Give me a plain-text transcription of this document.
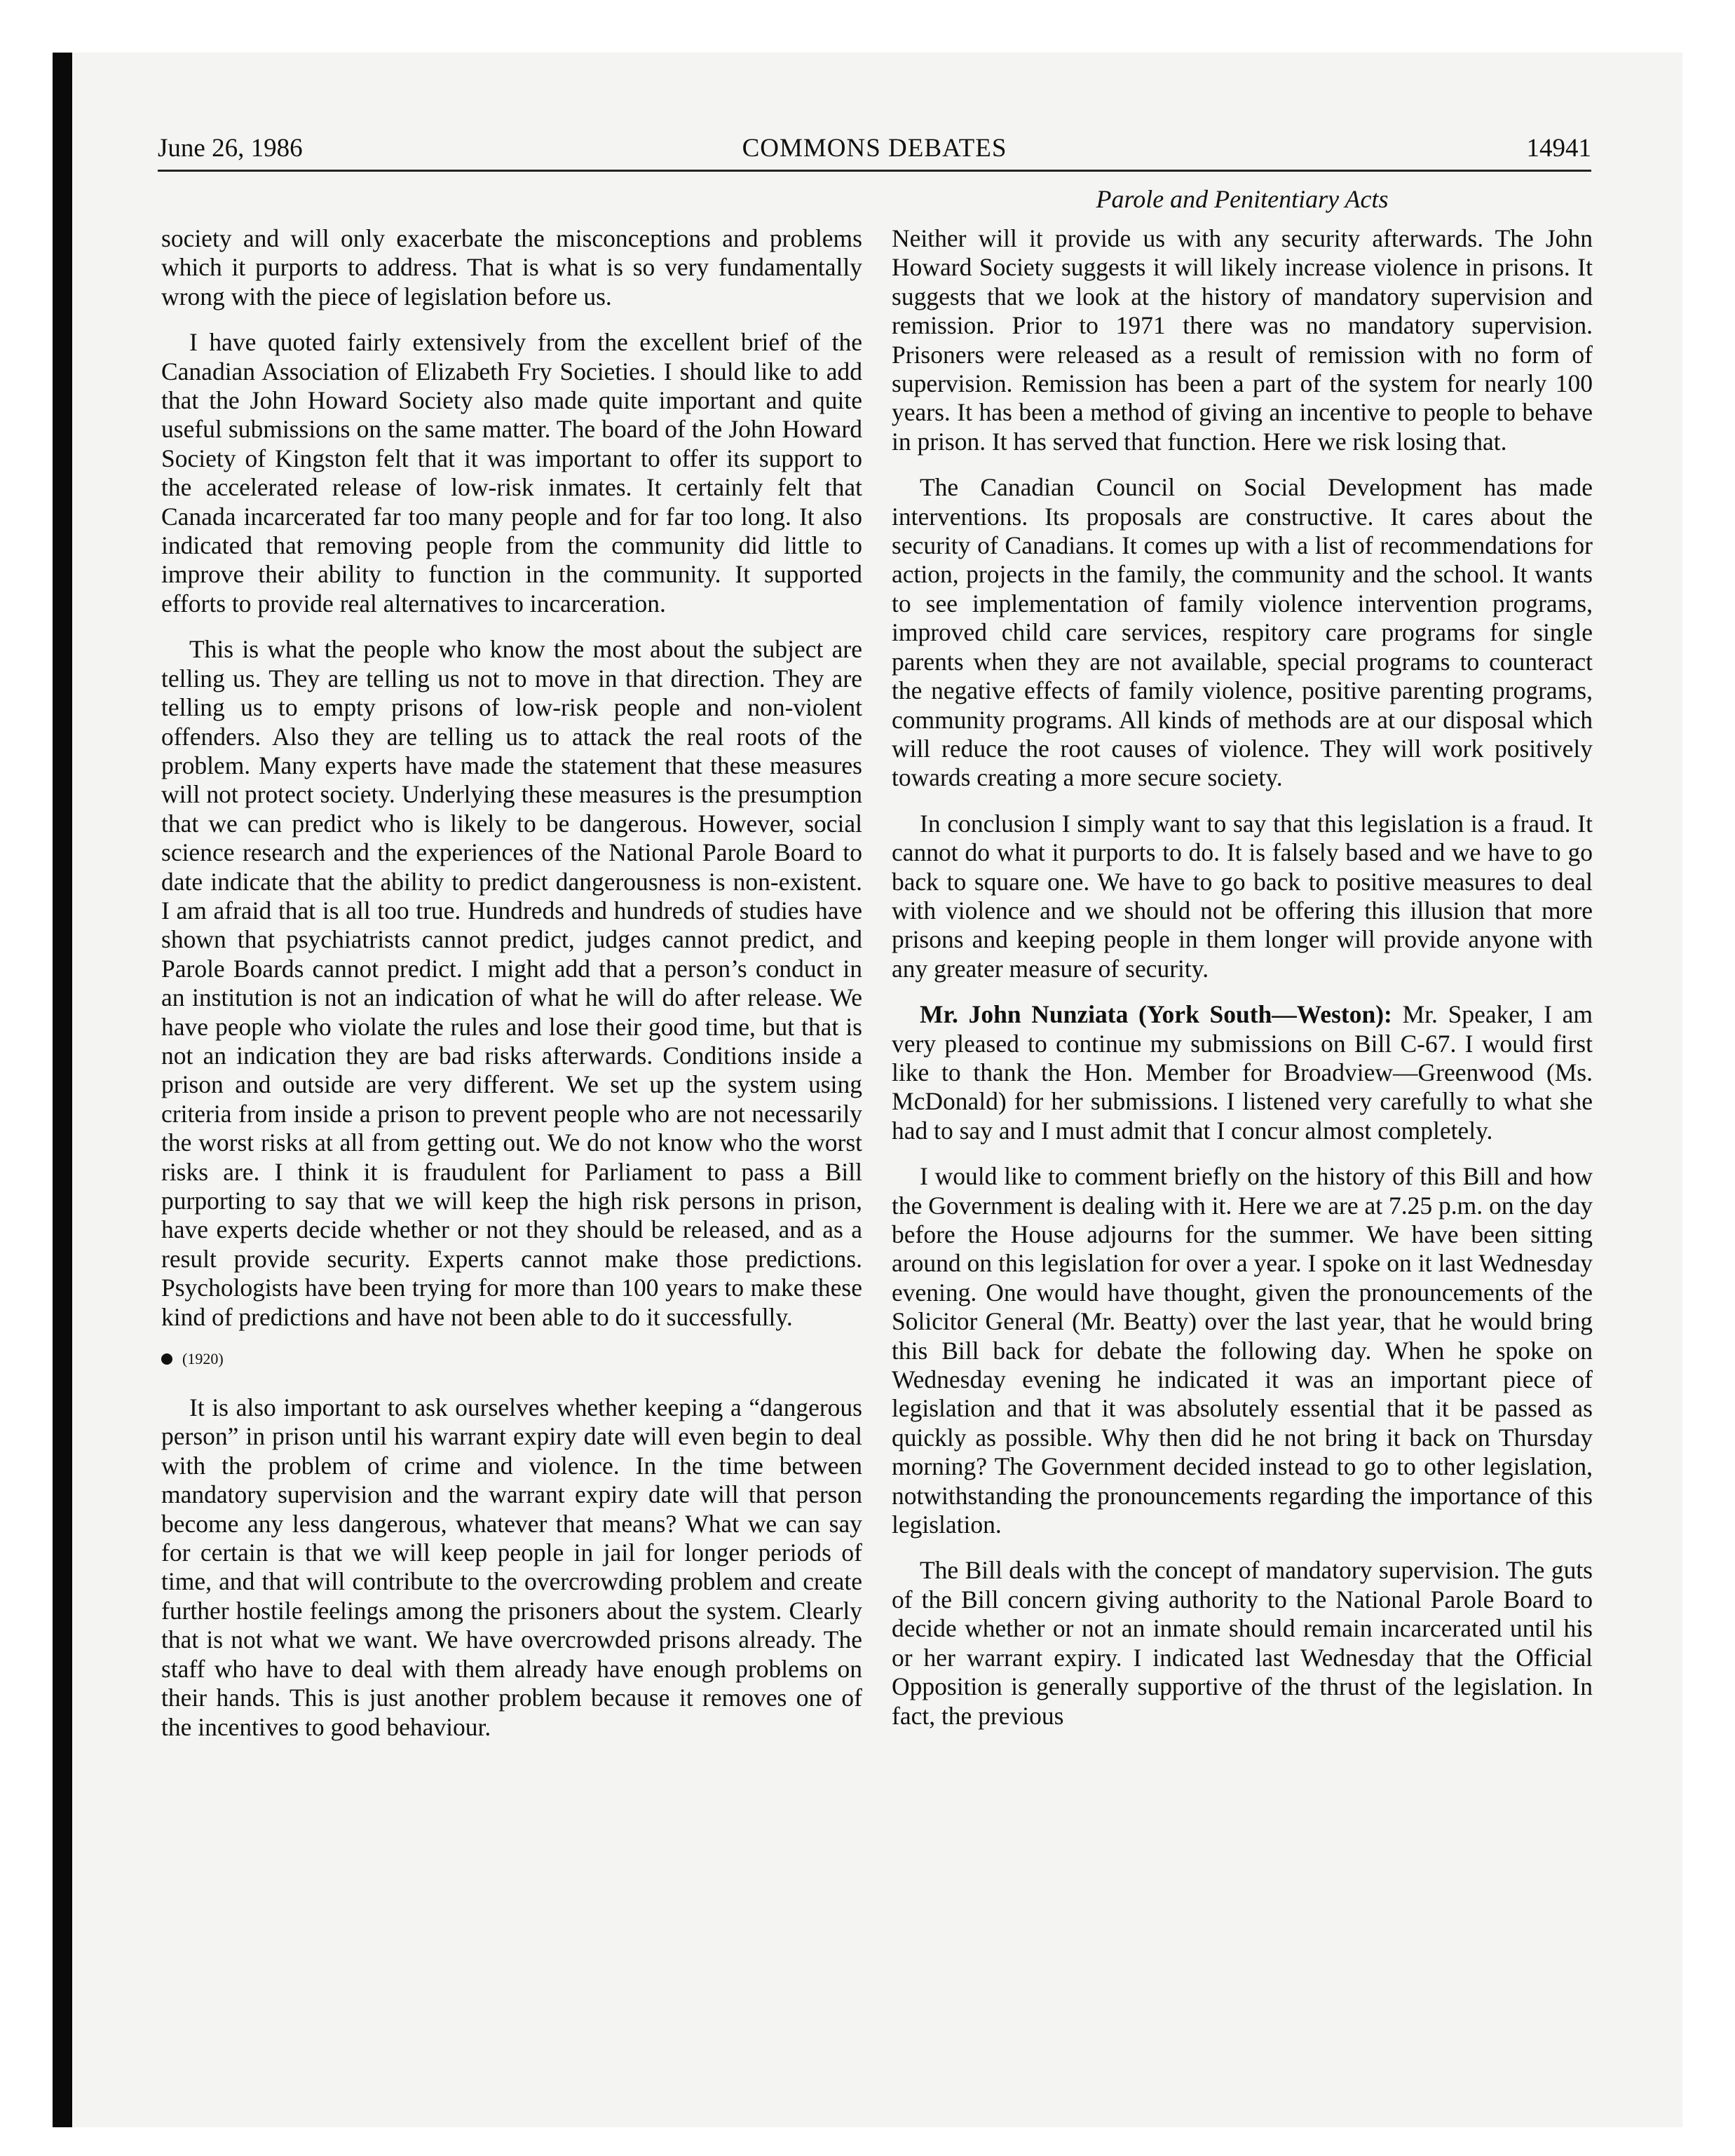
June 26, 1986	COMMONS DEBATES	14941
Parole and Penitentiary Acts

society and will only exacerbate the misconceptions and problems which it purports to address. That is what is so very fundamentally wrong with the piece of legislation before us.

I have quoted fairly extensively from the excellent brief of the Canadian Association of Elizabeth Fry Societies. I should like to add that the John Howard Society also made quite important and quite useful submissions on the same matter. The board of the John Howard Society of Kingston felt that it was important to offer its support to the accelerated release of low-risk inmates. It certainly felt that Canada incarcerated far too many people and for far too long. It also indicated that removing people from the community did little to improve their ability to function in the community. It supported efforts to provide real alternatives to incarceration.

This is what the people who know the most about the subject are telling us. They are telling us not to move in that direction. They are telling us to empty prisons of low-risk people and non-violent offenders. Also they are telling us to attack the real roots of the problem. Many experts have made the statement that these measures will not protect society. Underlying these measures is the presumption that we can predict who is likely to be dangerous. However, social science research and the experiences of the National Parole Board to date indicate that the ability to predict dangerousness is non-existent. I am afraid that is all too true. Hundreds and hundreds of studies have shown that psychiatrists cannot predict, judges cannot predict, and Parole Boards cannot predict. I might add that a person’s conduct in an institution is not an indication of what he will do after release. We have people who violate the rules and lose their good time, but that is not an indication they are bad risks afterwards. Conditions inside a prison and outside are very different. We set up the system using criteria from inside a prison to prevent people who are not necessarily the worst risks at all from getting out. We do not know who the worst risks are. I think it is fraudulent for Parliament to pass a Bill purporting to say that we will keep the high risk persons in prison, have experts decide whether or not they should be released, and as a result provide security. Experts cannot make those predictions. Psychologists have been trying for more than 100 years to make these kind of predictions and have not been able to do it successfully.

(1920)

It is also important to ask ourselves whether keeping a “dangerous person” in prison until his warrant expiry date will even begin to deal with the problem of crime and violence. In the time between mandatory supervision and the warrant expiry date will that person become any less dangerous, whatever that means? What we can say for certain is that we will keep people in jail for longer periods of time, and that will contribute to the overcrowding problem and create further hostile feelings among the prisoners about the system. Clearly that is not what we want. We have overcrowded prisons already. The staff who have to deal with them already have enough problems on their hands. This is just another problem because it removes one of the incentives to good behaviour.

Neither will it provide us with any security afterwards. The John Howard Society suggests it will likely increase violence in prisons. It suggests that we look at the history of mandatory supervision and remission. Prior to 1971 there was no mandatory supervision. Prisoners were released as a result of remission with no form of supervision. Remission has been a part of the system for nearly 100 years. It has been a method of giving an incentive to people to behave in prison. It has served that function. Here we risk losing that.

The Canadian Council on Social Development has made interventions. Its proposals are constructive. It cares about the security of Canadians. It comes up with a list of recommendations for action, projects in the family, the community and the school. It wants to see implementation of family violence intervention programs, improved child care services, respitory care programs for single parents when they are not available, special programs to counteract the negative effects of family violence, positive parenting programs, community programs. All kinds of methods are at our disposal which will reduce the root causes of violence. They will work positively towards creating a more secure society.

In conclusion I simply want to say that this legislation is a fraud. It cannot do what it purports to do. It is falsely based and we have to go back to square one. We have to go back to positive measures to deal with violence and we should not be offering this illusion that more prisons and keeping people in them longer will provide anyone with any greater measure of security.

Mr. John Nunziata (York South—Weston): Mr. Speaker, I am very pleased to continue my submissions on Bill C-67. I would first like to thank the Hon. Member for Broadview—Greenwood (Ms. McDonald) for her submissions. I listened very carefully to what she had to say and I must admit that I concur almost completely.

I would like to comment briefly on the history of this Bill and how the Government is dealing with it. Here we are at 7.25 p.m. on the day before the House adjourns for the summer. We have been sitting around on this legislation for over a year. I spoke on it last Wednesday evening. One would have thought, given the pronouncements of the Solicitor General (Mr. Beatty) over the last year, that he would bring this Bill back for debate the following day. When he spoke on Wednesday evening he indicated it was an important piece of legislation and that it was absolutely essential that it be passed as quickly as possible. Why then did he not bring it back on Thursday morning? The Government decided instead to go to other legislation, notwithstanding the pronouncements regarding the importance of this legislation.

The Bill deals with the concept of mandatory supervision. The guts of the Bill concern giving authority to the National Parole Board to decide whether or not an inmate should remain incarcerated until his or her warrant expiry. I indicated last Wednesday that the Official Opposition is generally supportive of the thrust of the legislation. In fact, the previous
